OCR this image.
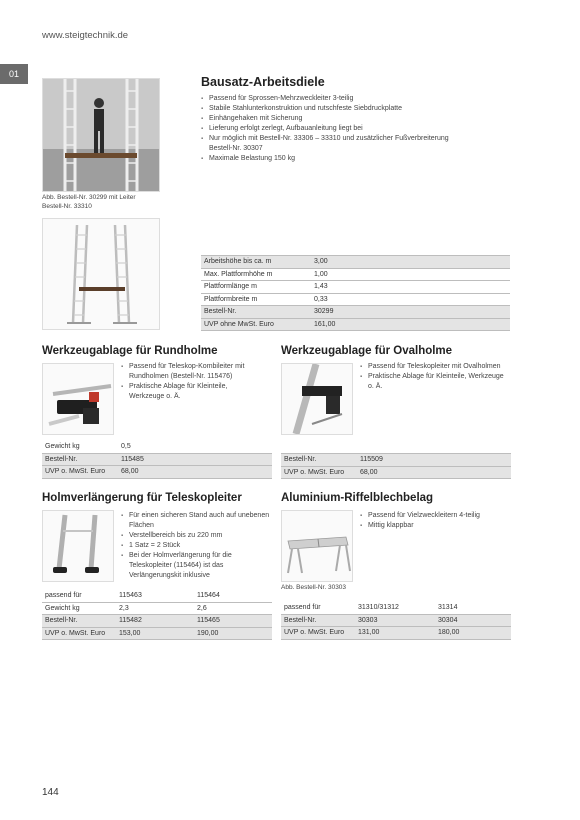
www.steigtechnik.de
01
Abb. Bestell-Nr. 30299 mit Leiter
Bestell-Nr. 33310
Bausatz-Arbeitsdiele
▪ Passend für Sprossen-Mehrzweckleiter 3-teilig
▪ Stabile Stahlunterkonstruktion und rutschfeste Siebdruckplatte
▪ Einhängehaken mit Sicherung
▪ Lieferung erfolgt zerlegt, Aufbauanleitung liegt bei
▪ Nur möglich mit Bestell-Nr. 33306 – 33310 und zusätzlicher Fußverbreiterung Bestell-Nr. 30307
▪ Maximale Belastung 150 kg
Arbeitshöhe bis ca. m	3,00
Max. Plattformhöhe m	1,00
Plattformlänge m	1,43
Plattformbreite m	0,33
Bestell-Nr.	30299
UVP ohne MwSt. Euro	161,00
Werkzeugablage für Rundholme
▪ Passend für Teleskop-Kombileiter mit Rundholmen (Bestell-Nr. 115476)
▪ Praktische Ablage für Kleinteile, Werkzeuge o. Ä.
Gewicht kg	0,5
Bestell-Nr.	115485
UVP o. MwSt. Euro	68,00
Werkzeugablage für Ovalholme
▪ Passend für Teleskopleiter mit Ovalholmen
▪ Praktische Ablage für Kleinteile, Werkzeuge o. Ä.
Bestell-Nr.	115509
UVP o. MwSt. Euro	68,00
Holmverlängerung für Teleskopleiter
▪ Für einen sicheren Stand auch auf unebenen Flächen
▪ Verstellbereich bis zu 220 mm
▪ 1 Satz = 2 Stück
▪ Bei der Holmverlängerung für die Teleskopleiter (115464) ist das Verlängerungskit inklusive
passend für	115463	115464
Gewicht kg	2,3	2,6
Bestell-Nr.	115482	115465
UVP o. MwSt. Euro	153,00	190,00
Aluminium-Riffelblechbelag
Abb. Bestell-Nr. 30303
▪ Passend für Vielzweckleitern 4-teilig
▪ Mittig klappbar
passend für	31310/31312	31314
Bestell-Nr.	30303	30304
UVP o. MwSt. Euro	131,00	180,00
144
